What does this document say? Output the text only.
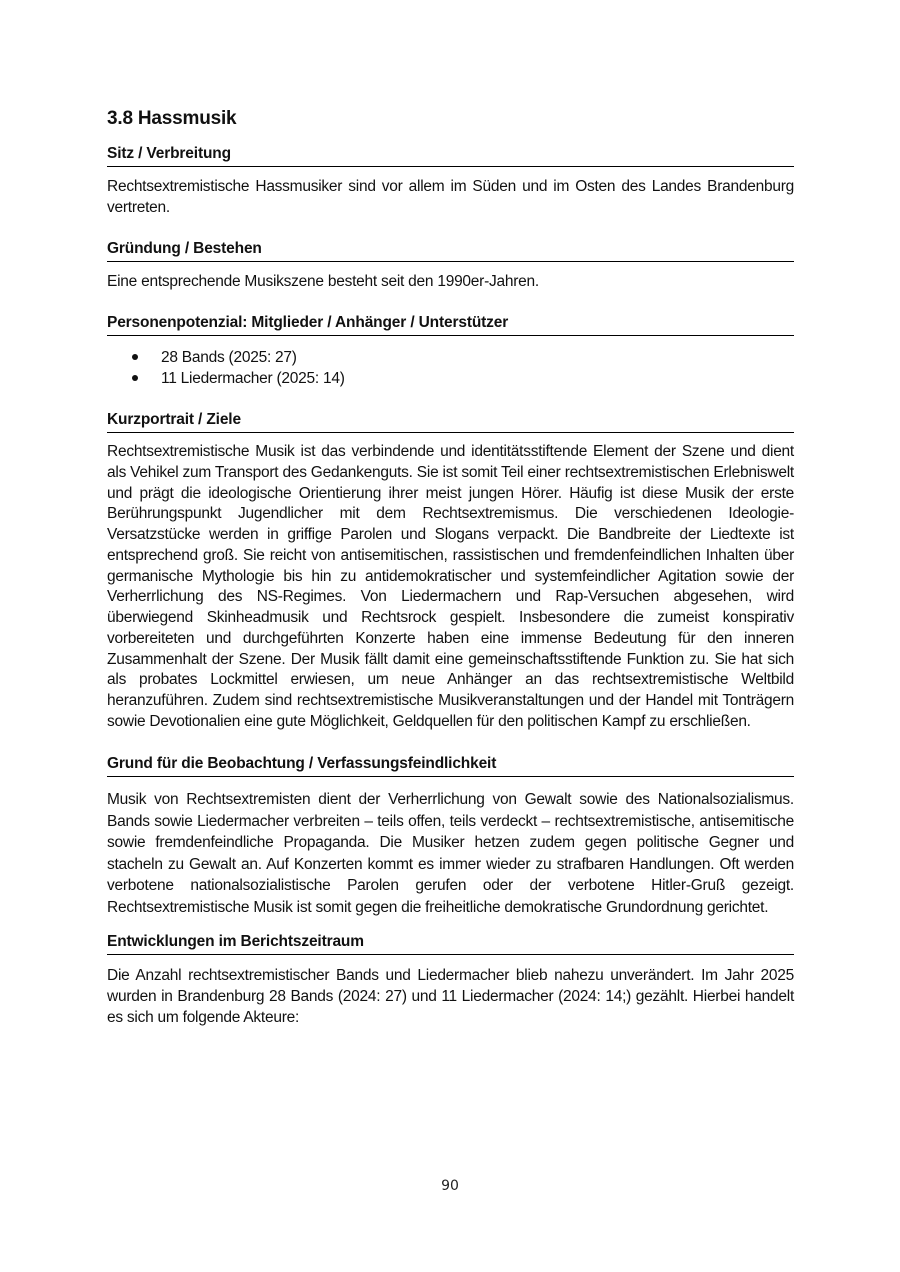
3.8 Hassmusik
Sitz / Verbreitung

Rechtsextremistische Hassmusiker sind vor allem im Süden und im Osten des Landes Brandenburg vertreten.

Gründung / Bestehen

Eine entsprechende Musikszene besteht seit den 1990er-Jahren.

Personenpotenzial: Mitglieder / Anhänger / Unterstützer
28 Bands (2025: 27)
11 Liedermacher (2025: 14)
Kurzportrait / Ziele

Rechtsextremistische Musik ist das verbindende und identitätsstiftende Element der Szene und dient als Vehikel zum Transport des Gedankenguts. Sie ist somit Teil einer rechtsextremistischen Erlebniswelt und prägt die ideologische Orientierung ihrer meist jungen Hörer. Häufig ist diese Musik der erste Berührungspunkt Jugendlicher mit dem Rechtsextremismus. Die verschiedenen Ideologie-Versatzstücke werden in griffige Parolen und Slogans verpackt. Die Bandbreite der Liedtexte ist entsprechend groß. Sie reicht von antisemitischen, rassistischen und fremdenfeindlichen Inhalten über germanische Mythologie bis hin zu antidemokratischer und systemfeindlicher Agitation sowie der Verherrlichung des NS-Regimes. Von Liedermachern und Rap-Versuchen abgesehen, wird überwiegend Skinheadmusik und Rechtsrock gespielt. Insbesondere die zumeist konspirativ vorbereiteten und durchgeführten Konzerte haben eine immense Bedeutung für den inneren Zusammenhalt der Szene. Der Musik fällt damit eine gemeinschaftsstiftende Funktion zu. Sie hat sich als probates Lockmittel erwiesen, um neue Anhänger an das rechtsextremistische Weltbild heranzuführen. Zudem sind rechtsextremistische Musikveranstaltungen und der Handel mit Tonträgern sowie Devotionalien eine gute Möglichkeit, Geldquellen für den politischen Kampf zu erschließen.

Grund für die Beobachtung / Verfassungsfeindlichkeit

Musik von Rechtsextremisten dient der Verherrlichung von Gewalt sowie des Nationalsozialismus. Bands sowie Liedermacher verbreiten – teils offen, teils verdeckt – rechtsextremistische, antisemitische sowie fremdenfeindliche Propaganda. Die Musiker hetzen zudem gegen politische Gegner und stacheln zu Gewalt an. Auf Konzerten kommt es immer wieder zu strafbaren Handlungen. Oft werden verbotene nationalsozialistische Parolen gerufen oder der verbotene Hitler-Gruß gezeigt. Rechtsextremistische Musik ist somit gegen die freiheitliche demokratische Grundordnung gerichtet.

Entwicklungen im Berichtszeitraum

Die Anzahl rechtsextremistischer Bands und Liedermacher blieb nahezu unverändert. Im Jahr 2025 wurden in Brandenburg 28 Bands (2024: 27) und 11 Liedermacher (2024: 14;) gezählt. Hierbei handelt es sich um folgende Akteure:

90
